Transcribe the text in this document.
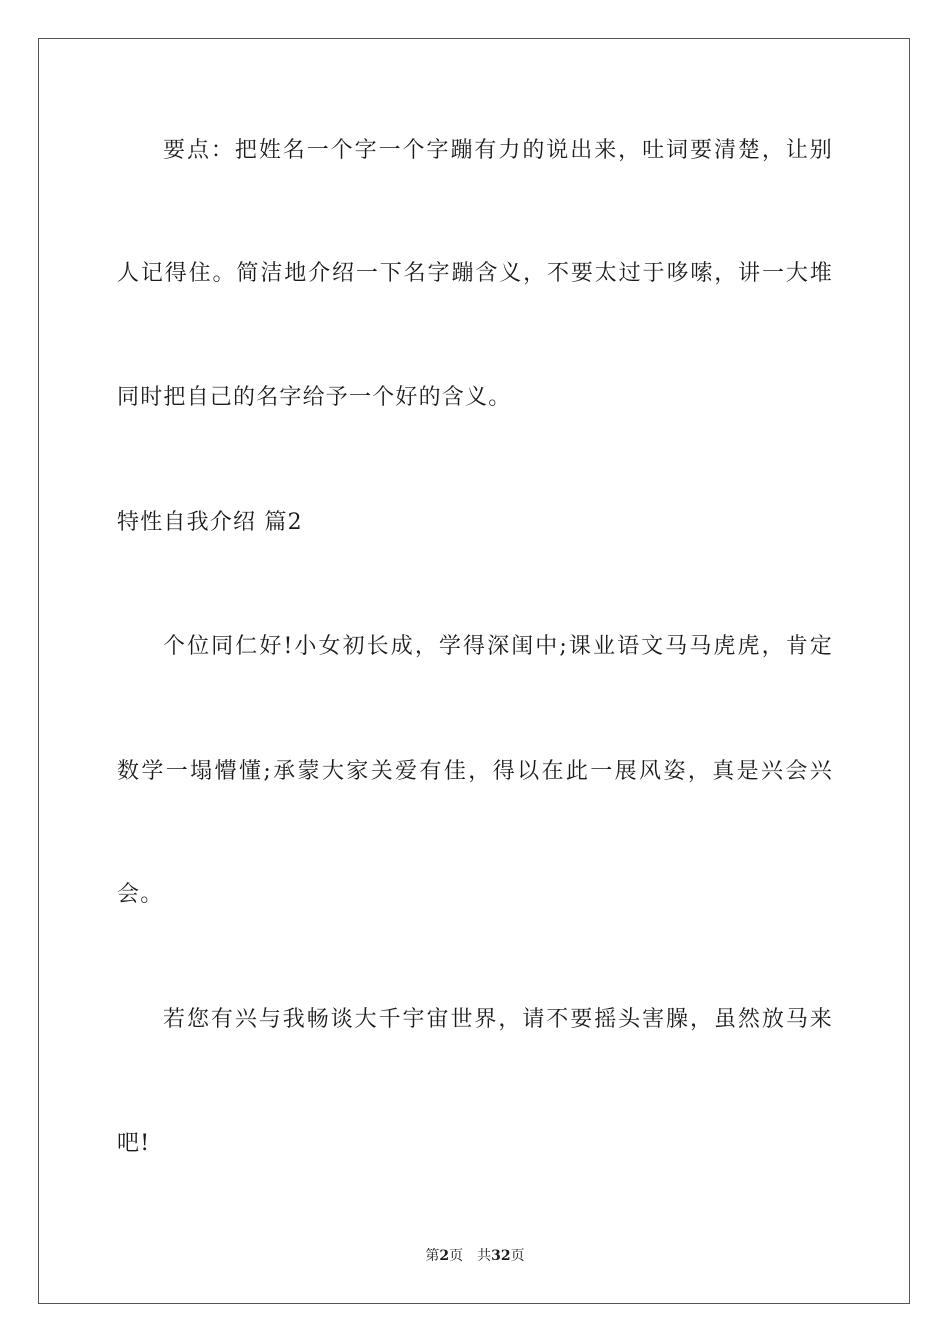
要点：把姓名一个字一个字蹦有力的说出来，吐词要清楚，让别
人记得住。简洁地介绍一下名字蹦含义，不要太过于哆嗦，讲一大堆
同时把自己的名字给予一个好的含义。
特性自我介绍 篇2
个位同仁好!小女初长成，学得深闺中;课业语文马马虎虎，肯定
数学一塌懵懂;承蒙大家关爱有佳，得以在此一展风姿，真是兴会兴
会。
若您有兴与我畅谈大千宇宙世界，请不要摇头害臊，虽然放马来
吧!
第2页　共32页
